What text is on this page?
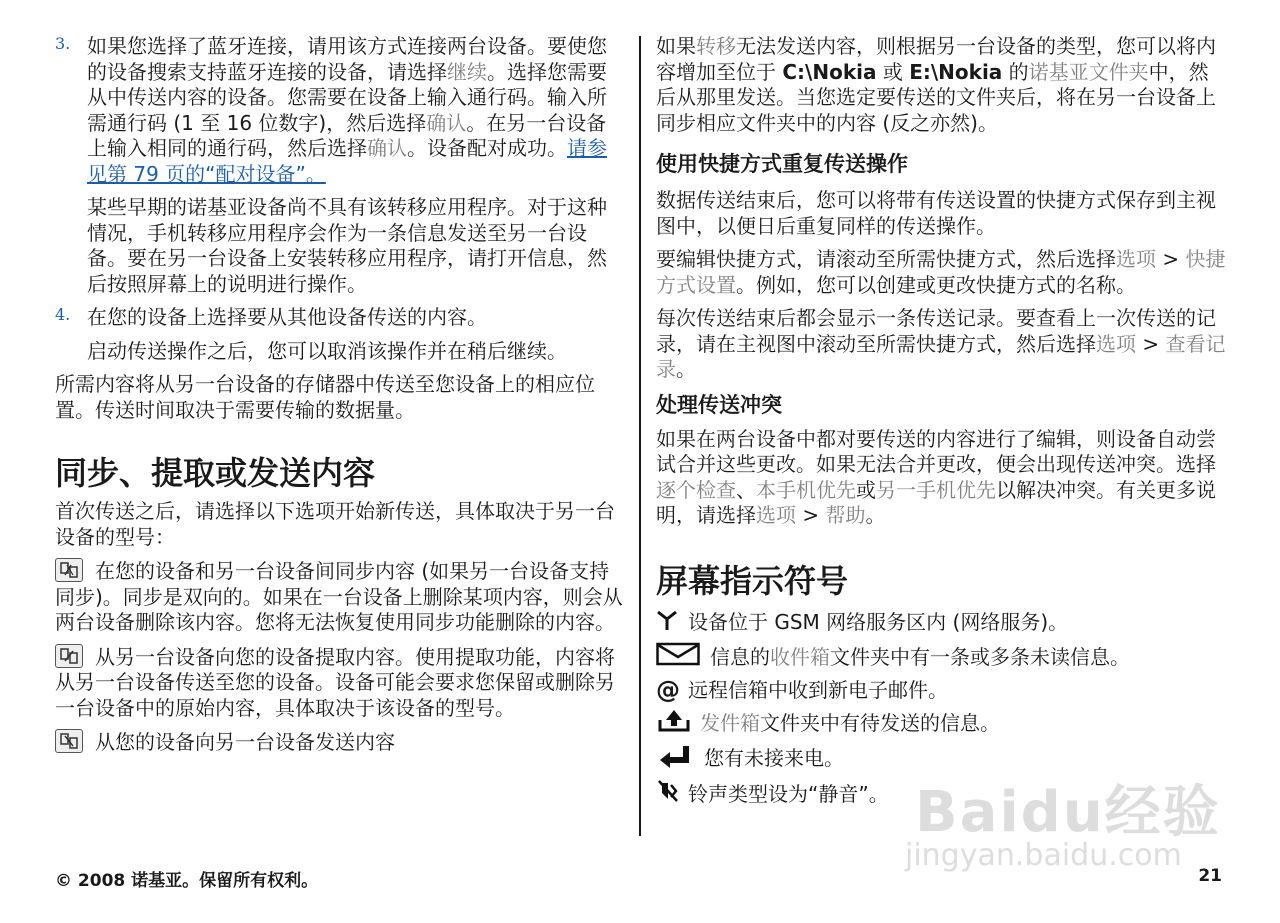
3. 如果您选择了蓝牙连接，请用该方式连接两台设备。要使您的设备搜索支持蓝牙连接的设备，请选择继续。选择您需要从中传送内容的设备。您需要在设备上输入通行码。输入所需通行码 (1 至 16 位数字)，然后选择确认。在另一台设备上输入相同的通行码，然后选择确认。设备配对成功。请参见第 79 页的“配对设备”。

某些早期的诺基亚设备尚不具有该转移应用程序。对于这种情况，手机转移应用程序会作为一条信息发送至另一台设备。要在另一台设备上安装转移应用程序，请打开信息，然后按照屏幕上的说明进行操作。

4. 在您的设备上选择要从其他设备传送的内容。

启动传送操作之后，您可以取消该操作并在稍后继续。

所需内容将从另一台设备的存储器中传送至您设备上的相应位置。传送时间取决于需要传输的数据量。

同步、提取或发送内容

首次传送之后，请选择以下选项开始新传送，具体取决于另一台设备的型号：

在您的设备和另一台设备间同步内容 (如果另一台设备支持同步)。同步是双向的。如果在一台设备上删除某项内容，则会从两台设备删除该内容。您将无法恢复使用同步功能删除的内容。

从另一台设备向您的设备提取内容。使用提取功能，内容将从另一台设备传送至您的设备。设备可能会要求您保留或删除另一台设备中的原始内容，具体取决于该设备的型号。

从您的设备向另一台设备发送内容

如果转移无法发送内容，则根据另一台设备的类型，您可以将内容增加至位于 C:\Nokia 或 E:\Nokia 的诺基亚文件夹中，然后从那里发送。当您选定要传送的文件夹后，将在另一台设备上同步相应文件夹中的内容 (反之亦然)。

使用快捷方式重复传送操作

数据传送结束后，您可以将带有传送设置的快捷方式保存到主视图中，以便日后重复同样的传送操作。

要编辑快捷方式，请滚动至所需快捷方式，然后选择选项 > 快捷方式设置。例如，您可以创建或更改快捷方式的名称。

每次传送结束后都会显示一条传送记录。要查看上一次传送的记录，请在主视图中滚动至所需快捷方式，然后选择选项 > 查看记录。

处理传送冲突

如果在两台设备中都对要传送的内容进行了编辑，则设备自动尝试合并这些更改。如果无法合并更改，便会出现传送冲突。选择逐个检查、本手机优先或另一手机优先以解决冲突。有关更多说明，请选择选项 > 帮助。

屏幕指示符号
设备位于 GSM 网络服务区内 (网络服务)。
信息的 收件箱 文件夹中有一条或多条未读信息。
@ 远程信箱中收到新电子邮件。
发件箱 文件夹中有待发送的信息。
您有未接来电。
铃声类型设为“静音”。 Baidu经验
jingyan.baidu.com
© 2008 诺基亚。保留所有权利。	21
